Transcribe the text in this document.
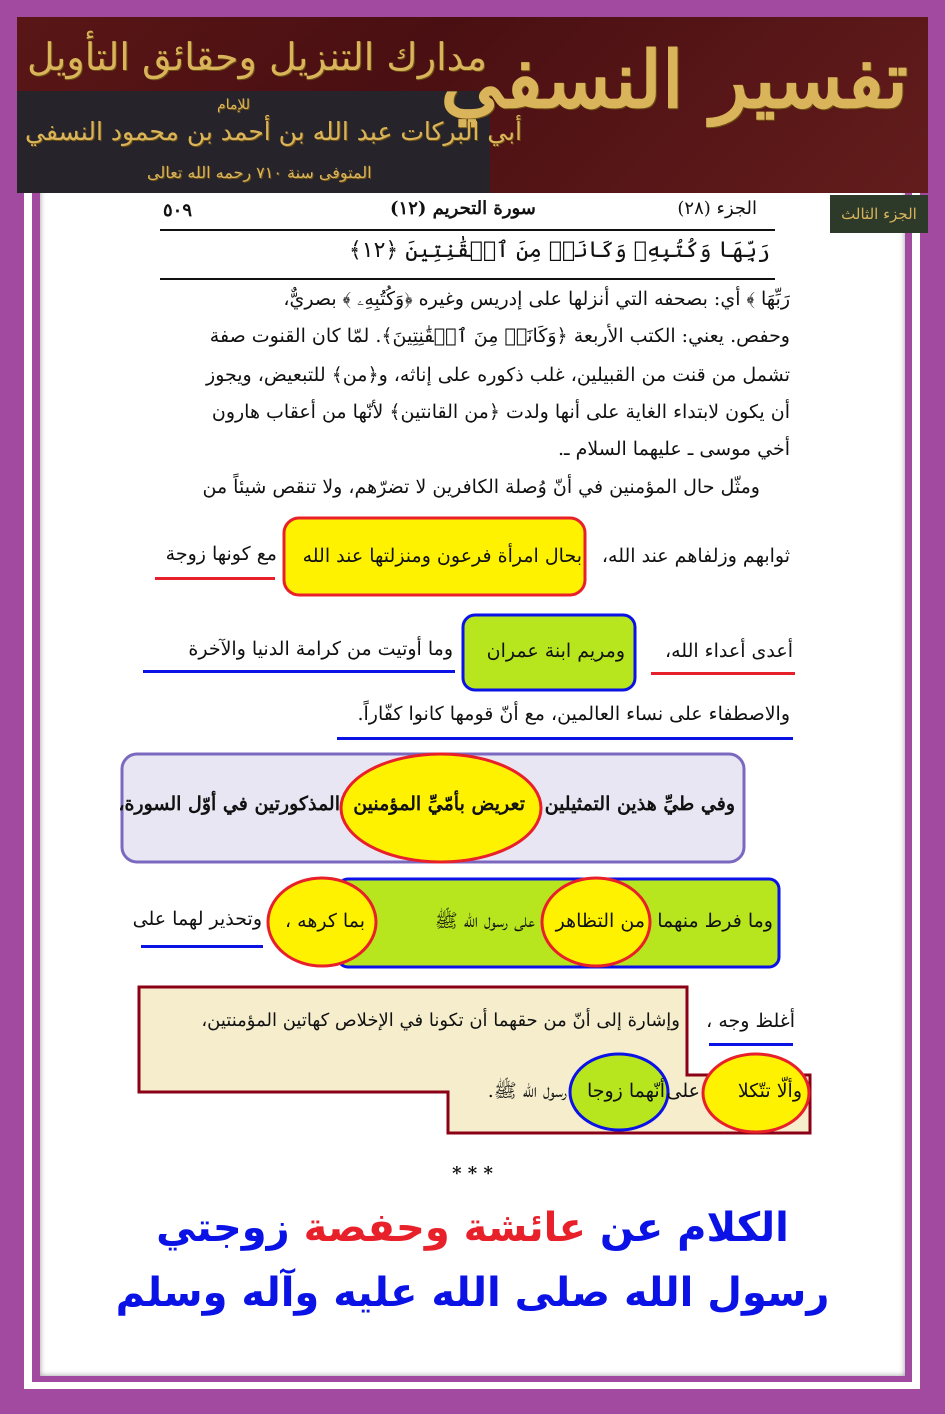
تفسير النسفي
مدارك التنزيل وحقائق التأويل
للإمام
أبي البركات عبد الله بن أحمد بن محمود النسفي
المتوفى سنة ٧١٠ رحمه الله تعالى
الجزء الثالث
الجزء (٢٨)
سورة التحريم (١٢)
٥٠٩
رَبِّهَا وَكُتُبِهِۦ وَكَانَتۡ مِنَ ٱلۡقَٰنِتِينَ ﴿١٢﴾
رَبِّهَا ﴾ أي: بصحفه التي أنزلها على إدريس وغيره ﴿وَكُتُبِهِۦ ﴾ بصريٌّ،
وحفص. يعني: الكتب الأربعة ﴿وَكَانَتۡ مِنَ ٱلۡقَٰنِتِينَ﴾. لمّا كان القنوت صفة
تشمل من قنت من القبيلين، غلب ذكوره على إناثه، و﴿من﴾ للتبعيض، ويجوز
أن يكون لابتداء الغاية على أنها ولدت ﴿من القانتين﴾ لأنّها من أعقاب هارون
أخي موسى ـ عليهما السلام ـ.
ومثّل حال المؤمنين في أنّ وُصلة الكافرين لا تضرّهم، ولا تنقص شيئاً من
ثوابهم وزلفاهم عند الله،
بحال امرأة فرعون ومنزلتها عند الله
مع كونها زوجة
أعدى أعداء الله،
ومريم ابنة عمران
وما أوتيت من كرامة الدنيا والآخرة
والاصطفاء على نساء العالمين، مع أنّ قومها كانوا كفّاراً.
وفي طيِّ هذين التمثيلين
تعريض بأمّيِّ المؤمنين
المذكورتين في أوّل السورة،
وما فرط منهما
من التظاهر
على رسول الله ﷺ
بما كرهه ،
وتحذير لهما على
أغلظ وجه ،
وإشارة إلى أنّ من حقهما أن تكونا في الإخلاص كهاتين المؤمنتين،
وألّا تتّكلا
على
أنّهما زوجا
رسول الله ﷺ.
* * *
الكلام عن عائشة وحفصة زوجتي
رسول الله صلى الله عليه وآله وسلم
